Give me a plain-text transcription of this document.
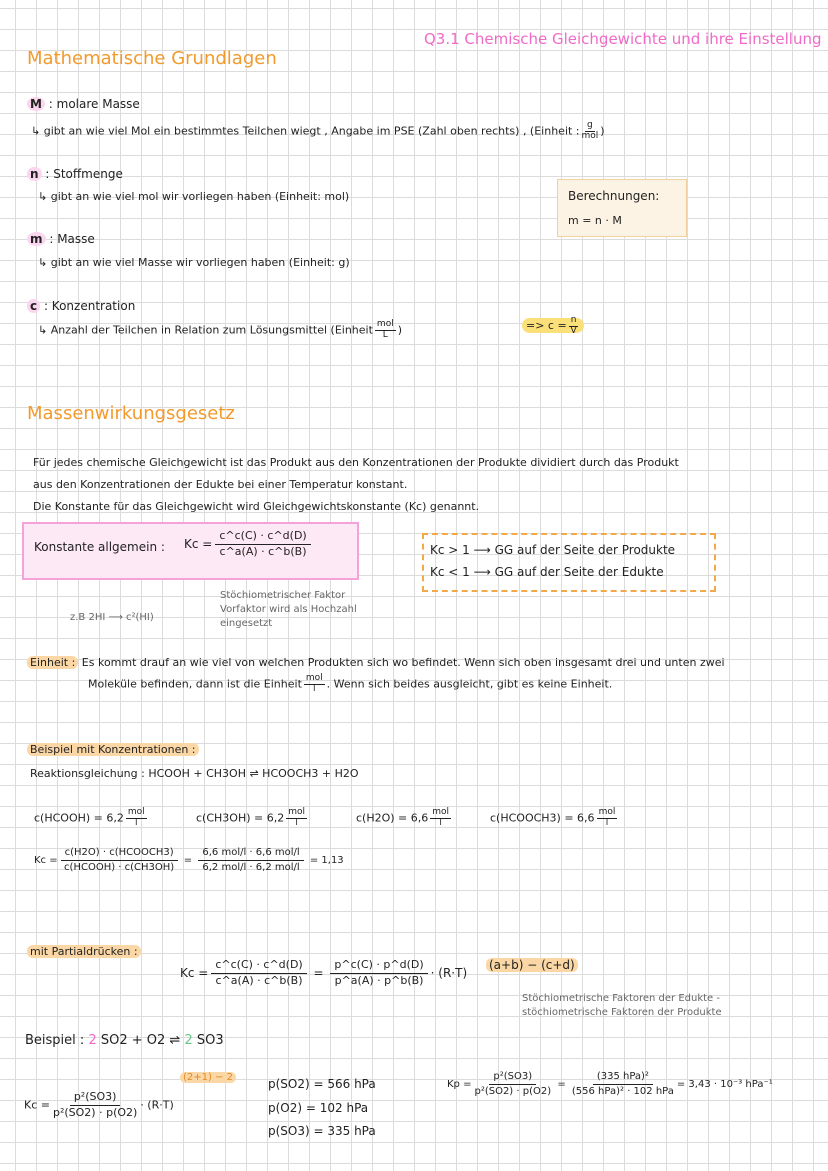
Q3.1 Chemische Gleichgewichte und ihre Einstellung
Mathematische Grundlagen
M : molare Masse
↳ gibt an wie viel Mol ein bestimmtes Teilchen wiegt , Angabe im PSE (Zahl oben rechts) , (Einheit : $\frac{g}{\text{mol}}$ )
n : Stoffmenge
↳ gibt an wie viel mol wir vorliegen haben (Einheit: mol)
m : Masse
↳ gibt an wie viel Masse wir vorliegen haben (Einheit: g)
c : Konzentration
↳ Anzahl der Teilchen in Relation zum Lösungsmittel (Einheit $\frac{\text{mol}}{L}$ )	=> $c = \frac{n}{V}$
Berechnungen:
m = n · M
Massenwirkungsgesetz
Für jedes chemische Gleichgewicht ist das Produkt aus den Konzentrationen der Produkte dividiert durch das Produkt
aus den Konzentrationen der Edukte bei einer Temperatur konstant.
Die Konstante für das Gleichgewicht wird Gleichgewichtskonstante (Kc) genannt.
Konstante allgemein : $Kc = \frac{c\^{}c(C) \cdot c\^{}d(D)}{c\^{}a(A) \cdot c\^{}b(B)}$	Kc > 1 ⟶ GG auf der Seite der Produkte
Kc < 1 ⟶ GG auf der Seite der Edukte
Stöchiometrischer Faktor
Vorfaktor wird als Hochzahl
eingesetzt
z.B 2HI ⟶ c²(HI)
Einheit : Es kommt drauf an wie viel von welchen Produkten sich wo befindet. Wenn sich oben insgesamt drei und unten zwei
Moleküle befinden, dann ist die Einheit $\frac{\text{mol}}{l}$ . Wenn sich beides ausgleicht, gibt es keine Einheit.
Beispiel mit Konzentrationen :
Reaktionsgleichung : HCOOH + CH3OH ⇌ HCOOCH3 + H2O
c(HCOOH) = $6,2 \frac{\text{mol}}{l}$	$c(CH3OH) = 6,2 \frac{\text{mol}}{l}$	$c(H2O) = 6,6 \frac{\text{mol}}{l}$	c(HCOOCH3) = $6,6 \frac{\text{mol}}{l}$
Kc =
c(H2O) · c(HCOOCH3)
c(HCOOH) · c(CH3OH)
=
6,6 mol/l · 6,6 mol/l
6,2 mol/l · 6,2 mol/l
= 1,13
mit Partialdrücken :
$Kc = \frac{c\^{}c(C) \cdot c\^{}d(D)}{c\^{}a(A) \cdot c\^{}b(B)} = \frac{p\^{}c(C) \cdot p\^{}d(D)}{p\^{}a(A) \cdot p\^{}b(B)} \cdot (R\cdot T)$
(a+b) − (c+d)
Stöchiometrische Faktoren der Edukte -
stöchiometrische Faktoren der Produkte
Beispiel : 2 SO2 + O2 ⇌ 2 SO3
$Kc = \frac{\text{p²(SO3)}}{\text{p²(SO2) · p(O2)}} \cdot (R\cdot T)$
(2+1) − 2	p(SO2) = 566 hPa
p(O2) = 102 hPa
p(SO3) = 335 hPa
$Kp = \frac{\text{p²(SO3)}}{\text{p²(SO2) · p(O2)}}$ =
(335 hPa)²
(556 hPa)² · 102 hPa
= 3,43 · 10⁻³ hPa⁻¹
